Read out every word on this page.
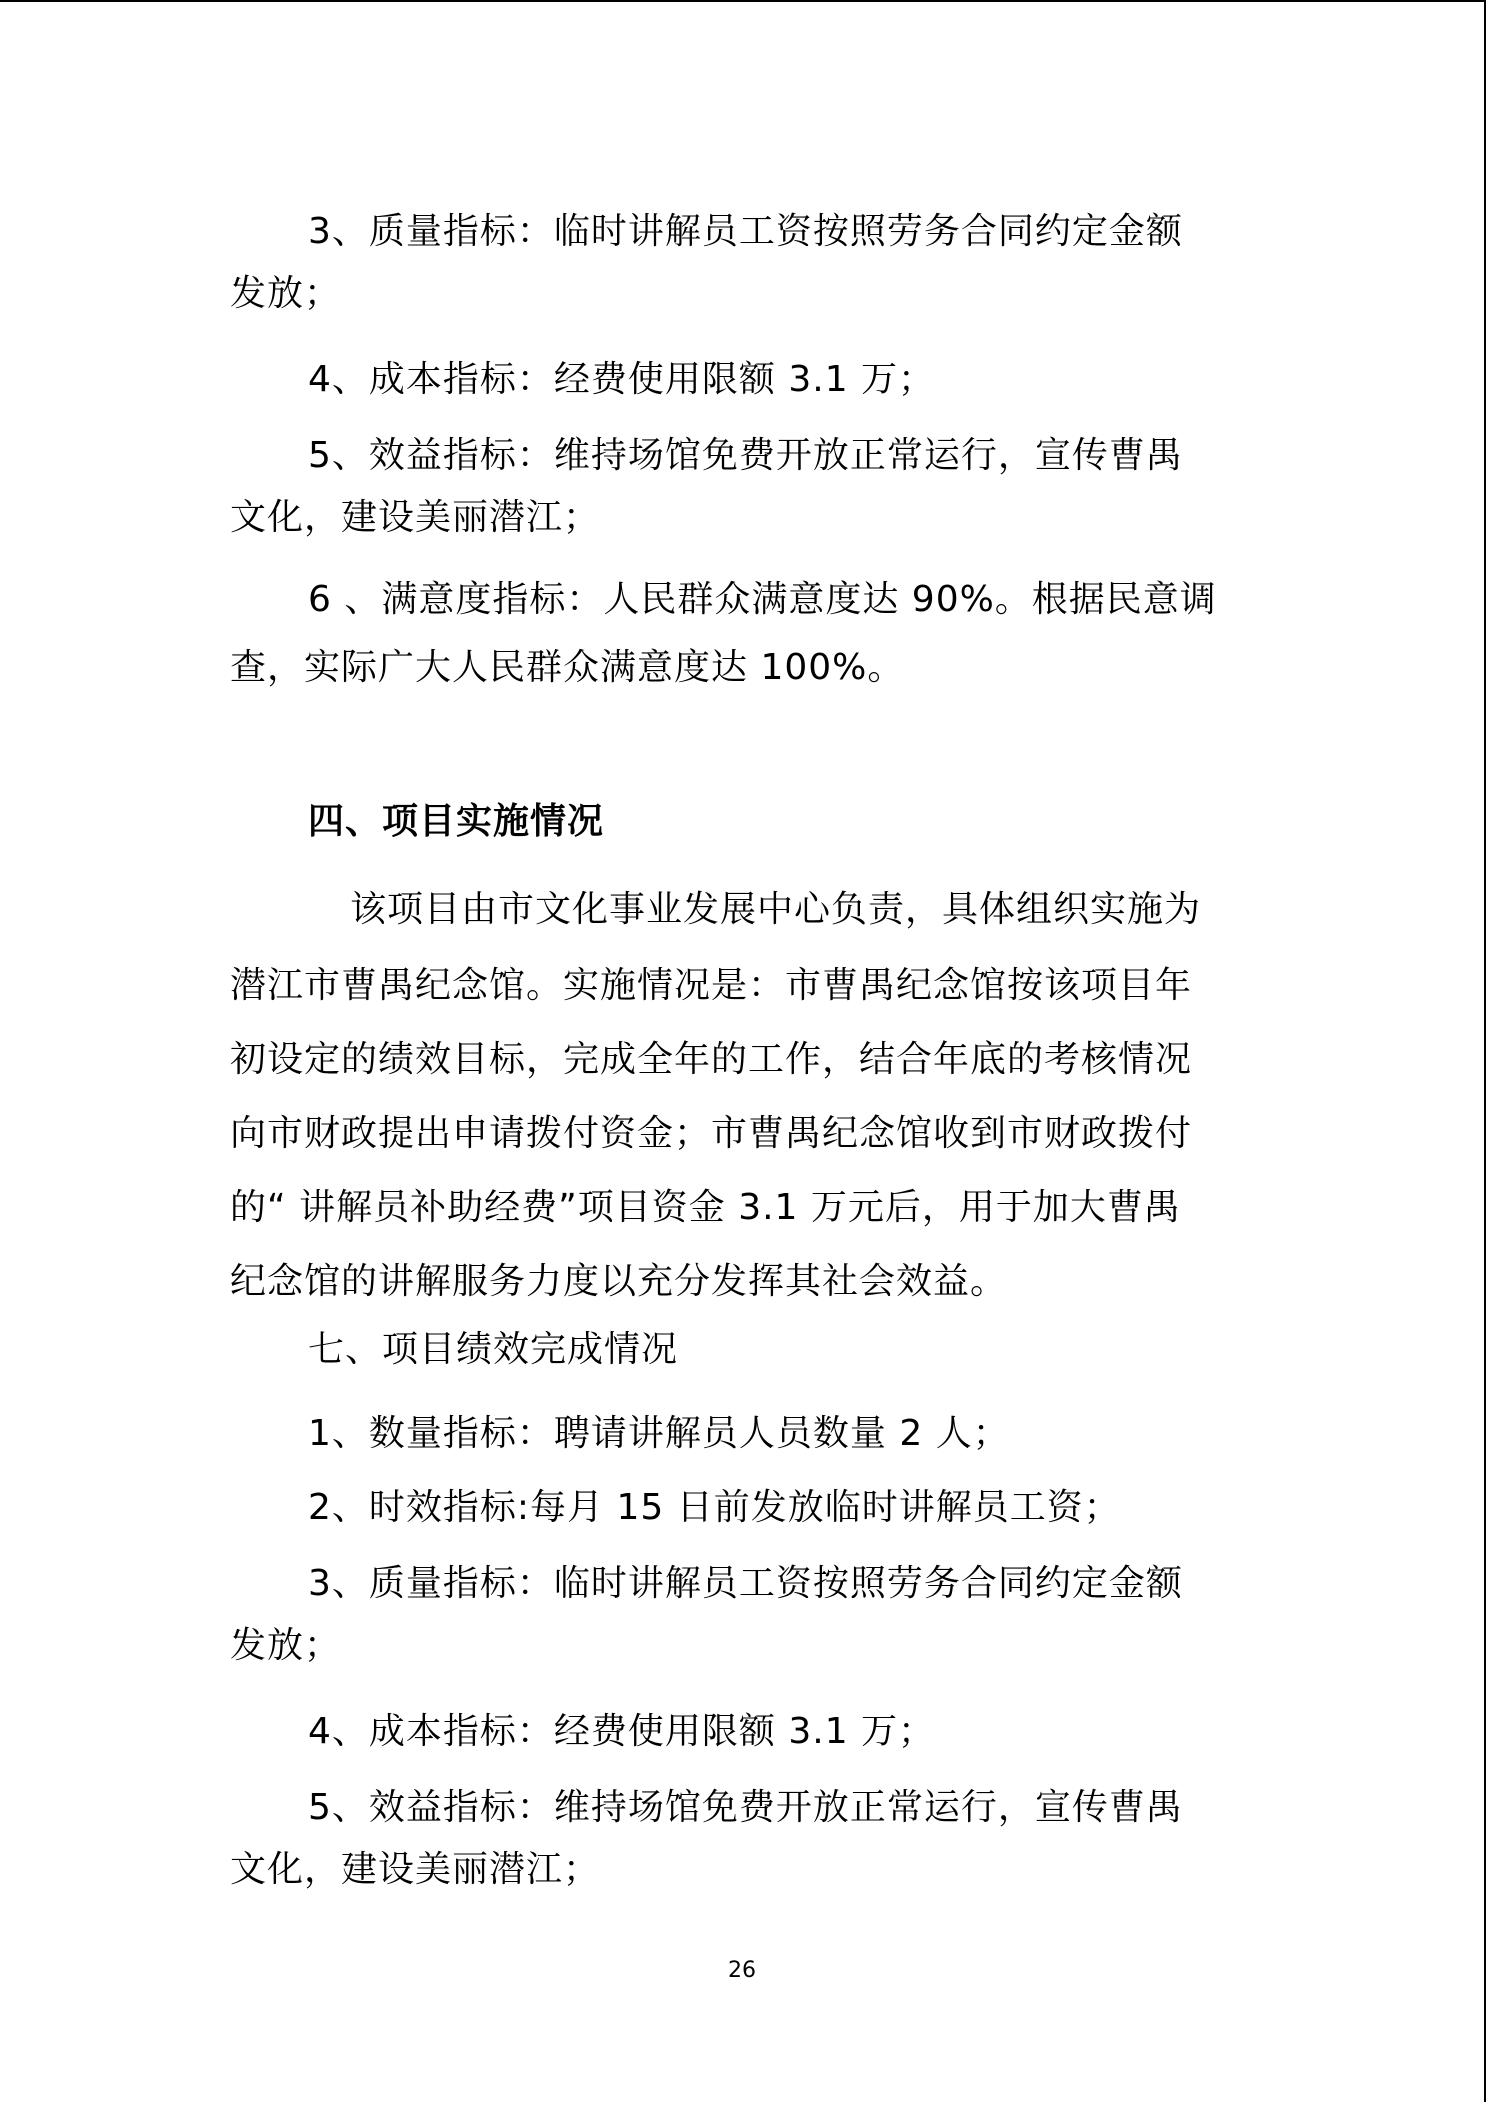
3、质量指标：临时讲解员工资按照劳务合同约定金额
发放；
4、成本指标：经费使用限额 3.1 万；
5、效益指标：维持场馆免费开放正常运行，宣传曹禺
文化，建设美丽潜江；
6 、满意度指标：人民群众满意度达 90%。根据民意调
查，实际广大人民群众满意度达 100%。
四、项目实施情况
该项目由市文化事业发展中心负责，具体组织实施为
潜江市曹禺纪念馆。实施情况是：市曹禺纪念馆按该项目年
初设定的绩效目标，完成全年的工作，结合年底的考核情况
向市财政提出申请拨付资金；市曹禺纪念馆收到市财政拨付
的“ 讲解员补助经费”项目资金 3.1 万元后，用于加大曹禺
纪念馆的讲解服务力度以充分发挥其社会效益。
七、项目绩效完成情况
1、数量指标：聘请讲解员人员数量 2 人；
2、时效指标:每月 15 日前发放临时讲解员工资；
3、质量指标：临时讲解员工资按照劳务合同约定金额
发放；
4、成本指标：经费使用限额 3.1 万；
5、效益指标：维持场馆免费开放正常运行，宣传曹禺
文化，建设美丽潜江；
26
